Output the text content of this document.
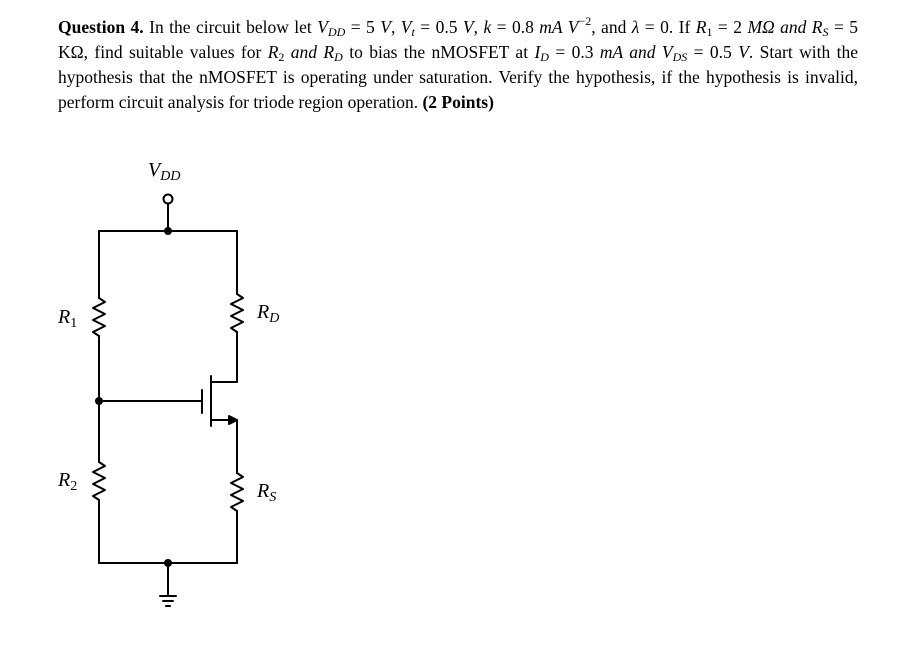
Question 4. In the circuit below let $V_{DD} = 5$ V, $V_t = 0.5$ V, k = 0.8 mA $V^{-2}$, and λ = 0. If $R_1 = 2$ MΩ and $R_S = 5$ KΩ, find suitable values for $R_2$ and $R_D$ to bias the nMOSFET at $I_D = 0.3$ mA and $V_{DS} = 0.5$ V. Start with the hypothesis that the nMOSFET is operating under saturation. Verify the hypothesis, if the hypothesis is invalid, perform circuit analysis for triode region operation. (2 Points)
$V_{DD}$
$R_1$
$R_2$
$R_D$
$R_S$
